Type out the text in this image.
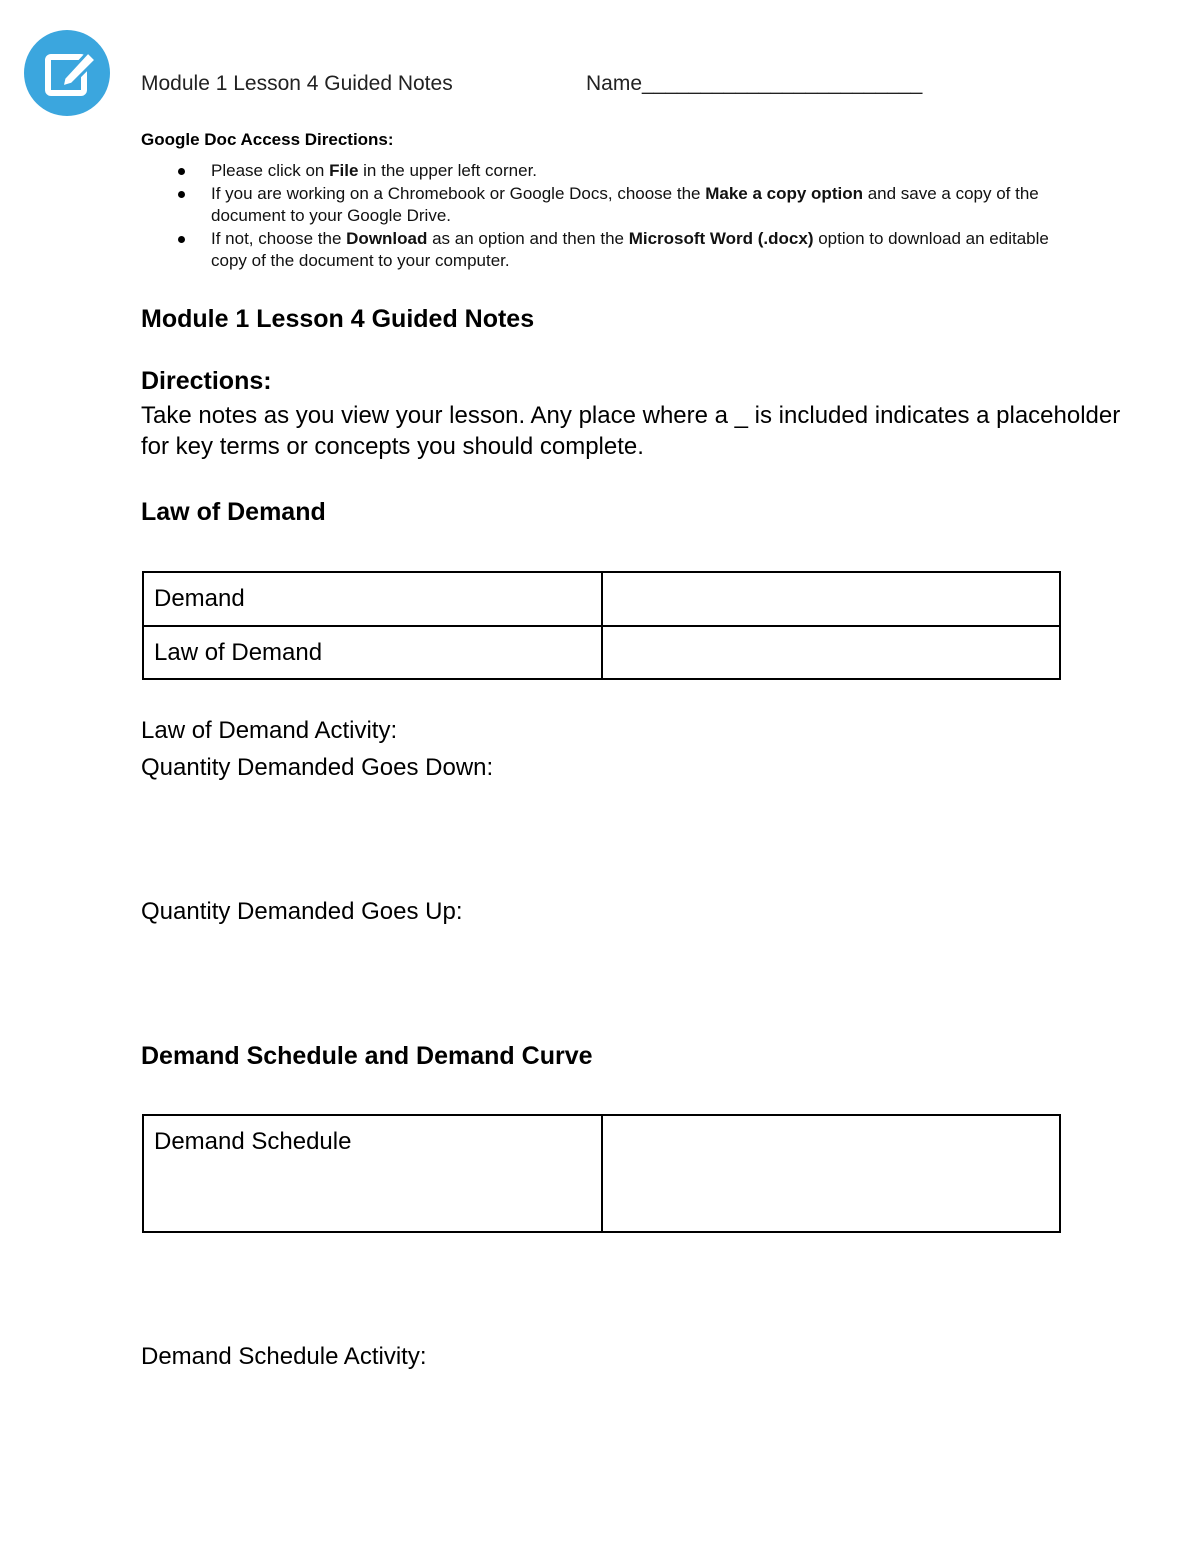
Module 1 Lesson 4 Guided Notes	Name________________________
Google Doc Access Directions:
Please click on File in the upper left corner.
If you are working on a Chromebook or Google Docs, choose the Make a copy option and save a copy of the document to your Google Drive.
If not, choose the Download as an option and then the Microsoft Word (.docx) option to download an editable copy of the document to your computer.
Module 1 Lesson 4 Guided Notes
Directions:
Take notes as you view your lesson. Any place where a _ is included indicates a placeholder for key terms or concepts you should complete.
Law of Demand
Demand	
Law of Demand	
Law of Demand Activity:
Quantity Demanded Goes Down:
Quantity Demanded Goes Up:
Demand Schedule and Demand Curve
Demand Schedule	
Demand Schedule Activity:
